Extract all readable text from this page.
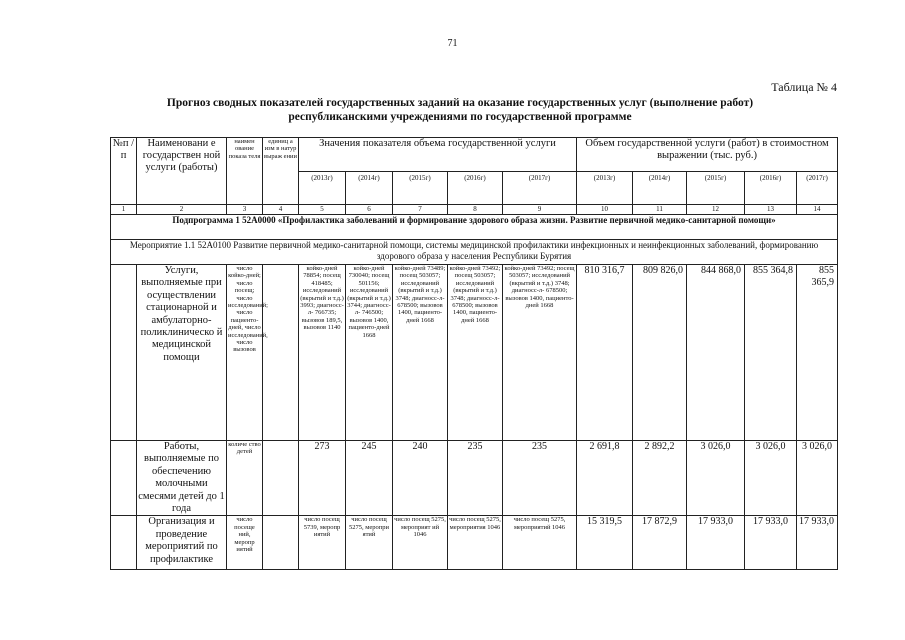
71
Таблица № 4
Прогноз сводных показателей государственных заданий на оказание государственных услуг (выполнение работ) республиканскими учреждениями по государственной программе
№п /п	Наименовани е государствен ной услуги (работы)	наимен ование показа теля	единиц а изм в натур выраж ении	Значения показателя объема государственной услуги					Объем государственной услуги (работ) в стоимостном выражении (тыс. руб.)				
				(2013г)	(2014г)	(2015г)	(2016г)	(2017г)	(2013г)	(2014г)	(2015г)	(2016г)	(2017г)
1	2	3	4	5	6	7	8	9	10	11	12	13	14
Подпрограмма 1 52А0000 «Профилактика заболеваний и формирование здорового образа жизни. Развитие первичной медико-санитарной помощи»													
Мероприятие 1.1 52А0100 Развитие первичной медико-санитарной помощи, системы медицинской профилактики инфекционных и неинфекционных заболеваний, формированию здорового образа у населения Республики Бурятия													
	Услуги, выполняемые при осуществлении стационарной и амбулаторно-поликлиническо й медицинской помощи	число койко-дней; число посещ; число исследований; число пациенто-дней, число исследований, число вызовов		койко-дней 78854; посещ 418485; исследований (вкрытий и т.д.) 3993; диагносс-л- 766735; вызовов 189,5, вызовов 1140	койко-дней 730040; посещ 501156; исследований (вкрытий и т.д.) 3744; диагносс-л- 746500; вызовов 1400, пациенто-дней 1668	койко-дней 73489; посещ 503057; исследований (вкрытий и т.д.) 3748; диагносс-л- 678500; вызовов 1400, пациенто-дней 1668	койко-дней 73492; посещ 503057; исследований (вкрытий и т.д.) 3748; диагносс-л- 678500; вызовов 1400, пациенто-дней 1668	койко-дней 73492; посещ 503057; исследований (вкрытий и т.д.) 3748; диагносс-л- 678500; вызовов 1400, пациенто-дней 1668	810 316,7	809 826,0	844 868,0	855 364,8	855 365,9
	Работы, выполняемые по обеспечению молочными смесями детей до 1 года	количе ство детей		273	245	240	235	235	2 691,8	2 892,2	3 026,0	3 026,0	3 026,0
	Организация и проведение мероприятий по профилактике	число посеще ний, меропр иятий		число посещ 5739, меропр иятий	число посещ 5275, меропри ятий	число посещ 5275, мероприят ий 1046	число посещ 5275, мероприятия 1046	число посещ 5275, мероприятий 1046	15 319,5	17 872,9	17 933,0	17 933,0	17 933,0
